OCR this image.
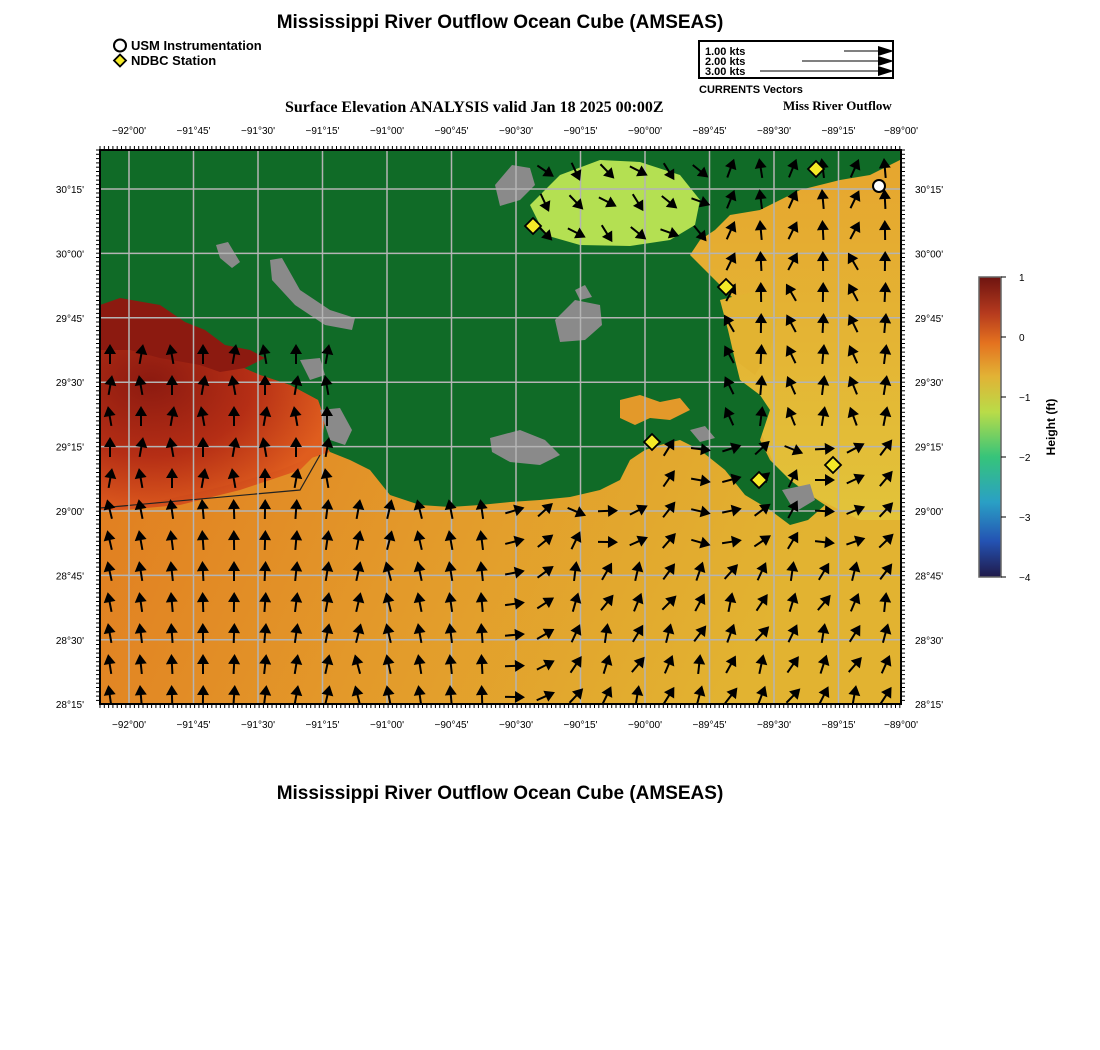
Mississippi River Outflow Ocean Cube (AMSEAS)
USM Instrumentation
NDBC Station
1.00 kts
2.00 kts
3.00 kts
CURRENTS Vectors
Surface Elevation ANALYSIS valid Jan 18 2025 00:00Z	Miss River Outflow
−92°00'
−92°00'
−91°45'
−91°45'
−91°30'
−91°30'
−91°15'
−91°15'
−91°00'
−91°00'
−90°45'
−90°45'
−90°30'
−90°30'
−90°15'
−90°15'
−90°00'
−90°00'
−89°45'
−89°45'
−89°30'
−89°30'
−89°15'
−89°15'
−89°00'
−89°00'
30°15'	30°15'
30°00'	30°00'
29°45'	29°45'
29°30'	29°30'
29°15'	29°15'
29°00'	29°00'
28°45'	28°45'
28°30'	28°30'
28°15'	28°15'
1
0
−1
−2
−3
−4
Height (ft)
Mississippi River Outflow Ocean Cube (AMSEAS)
